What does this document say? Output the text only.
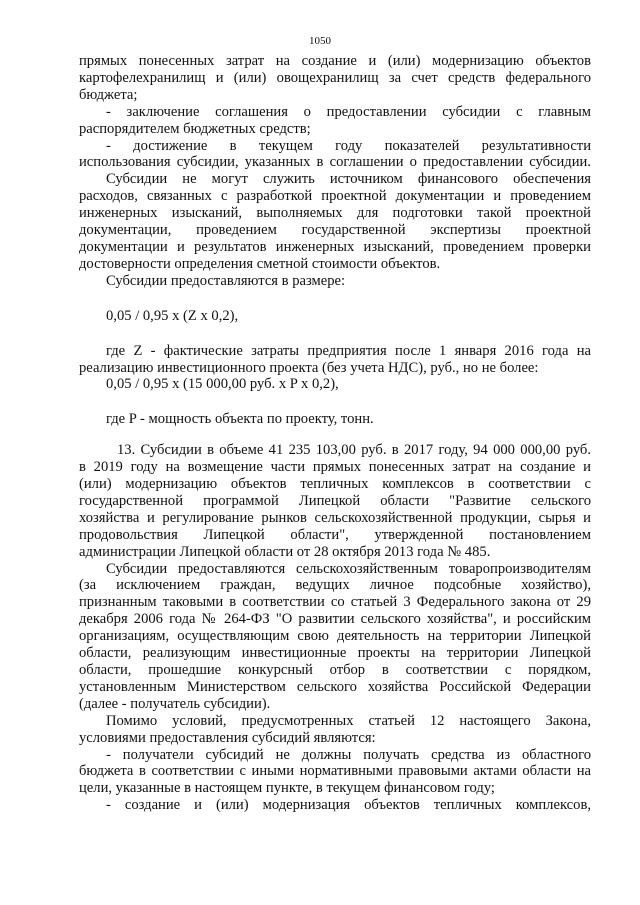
1050

прямых понесенных затрат на создание и (или) модернизацию объектов

картофелехранилищ и (или) овощехранилищ за счет средств федерального

бюджета;

- заключение соглашения о предоставлении субсидии с главным

распорядителем бюджетных средств;

- достижение в текущем году показателей результативности

использования субсидии, указанных в соглашении о предоставлении субсидии.

Субсидии не могут служить источником финансового обеспечения

расходов, связанных с разработкой проектной документации и проведением

инженерных изысканий, выполняемых для подготовки такой проектной

документации, проведением государственной экспертизы проектной

документации и результатов инженерных изысканий, проведением проверки

достоверности определения сметной стоимости объектов.

Субсидии предоставляются в размере:

0,05 / 0,95 x (Z x 0,2),

где Z - фактические затраты предприятия после 1 января 2016 года на

реализацию инвестиционного проекта (без учета НДС), руб., но не более:

0,05 / 0,95 x (15 000,00 руб. x P x 0,2),

где P - мощность объекта по проекту, тонн.

13. Субсидии в объеме 41 235 103,00 руб. в 2017 году, 94 000 000,00 руб.

в 2019 году на возмещение части прямых понесенных затрат на создание и

(или) модернизацию объектов тепличных комплексов в соответствии с

государственной программой Липецкой области "Развитие сельского

хозяйства и регулирование рынков сельскохозяйственной продукции, сырья и

продовольствия Липецкой области", утвержденной постановлением

администрации Липецкой области от 28 октября 2013 года № 485.

Субсидии предоставляются сельскохозяйственным товаропроизводителям

(за исключением граждан, ведущих личное подсобные хозяйство),

признанным таковыми в соответствии со статьей 3 Федерального закона от 29

декабря 2006 года № 264-ФЗ "О развитии сельского хозяйства", и российским

организациям, осуществляющим свою деятельность на территории Липецкой

области, реализующим инвестиционные проекты на территории Липецкой

области, прошедшие конкурсный отбор в соответствии с порядком,

установленным Министерством сельского хозяйства Российской Федерации

(далее - получатель субсидии).

Помимо условий, предусмотренных статьей 12 настоящего Закона,

условиями предоставления субсидий являются:

- получатели субсидий не должны получать средства из областного

бюджета в соответствии с иными нормативными правовыми актами области на

цели, указанные в настоящем пункте, в текущем финансовом году;

- создание и (или) модернизация объектов тепличных комплексов,
